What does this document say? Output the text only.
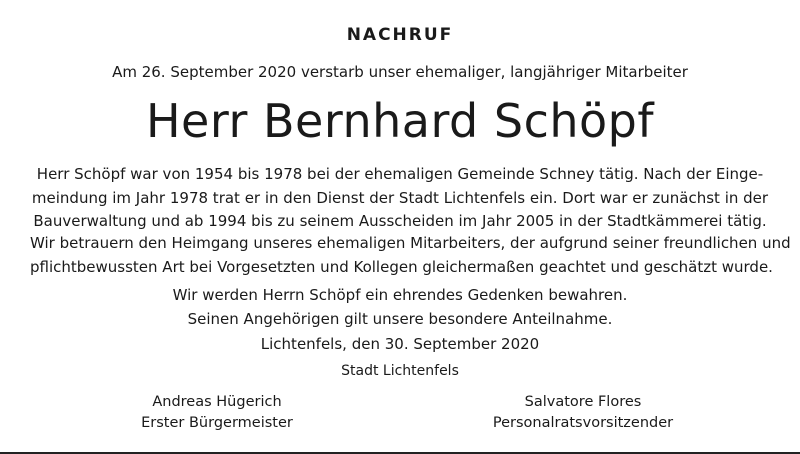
NACHRUF
Am 26. September 2020 verstarb unser ehemaliger, langjähriger Mitarbeiter
Herr Bernhard Schöpf
Herr Schöpf war von 1954 bis 1978 bei der ehemaligen Gemeinde Schney tätig. Nach der Einge-
meindung im Jahr 1978 trat er in den Dienst der Stadt Lichtenfels ein. Dort war er zunächst in der
Bauverwaltung und ab 1994 bis zu seinem Ausscheiden im Jahr 2005 in der Stadtkämmerei tätig.
Wir betrauern den Heimgang unseres ehemaligen Mitarbeiters, der aufgrund seiner freundlichen und
pflichtbewussten Art bei Vorgesetzten und Kollegen gleichermaßen geachtet und geschätzt wurde.
Wir werden Herrn Schöpf ein ehrendes Gedenken bewahren.
Seinen Angehörigen gilt unsere besondere Anteilnahme.
Lichtenfels, den 30. September 2020
Stadt Lichtenfels
Andreas Hügerich
Erster Bürgermeister
Salvatore Flores
Personalratsvorsitzender
